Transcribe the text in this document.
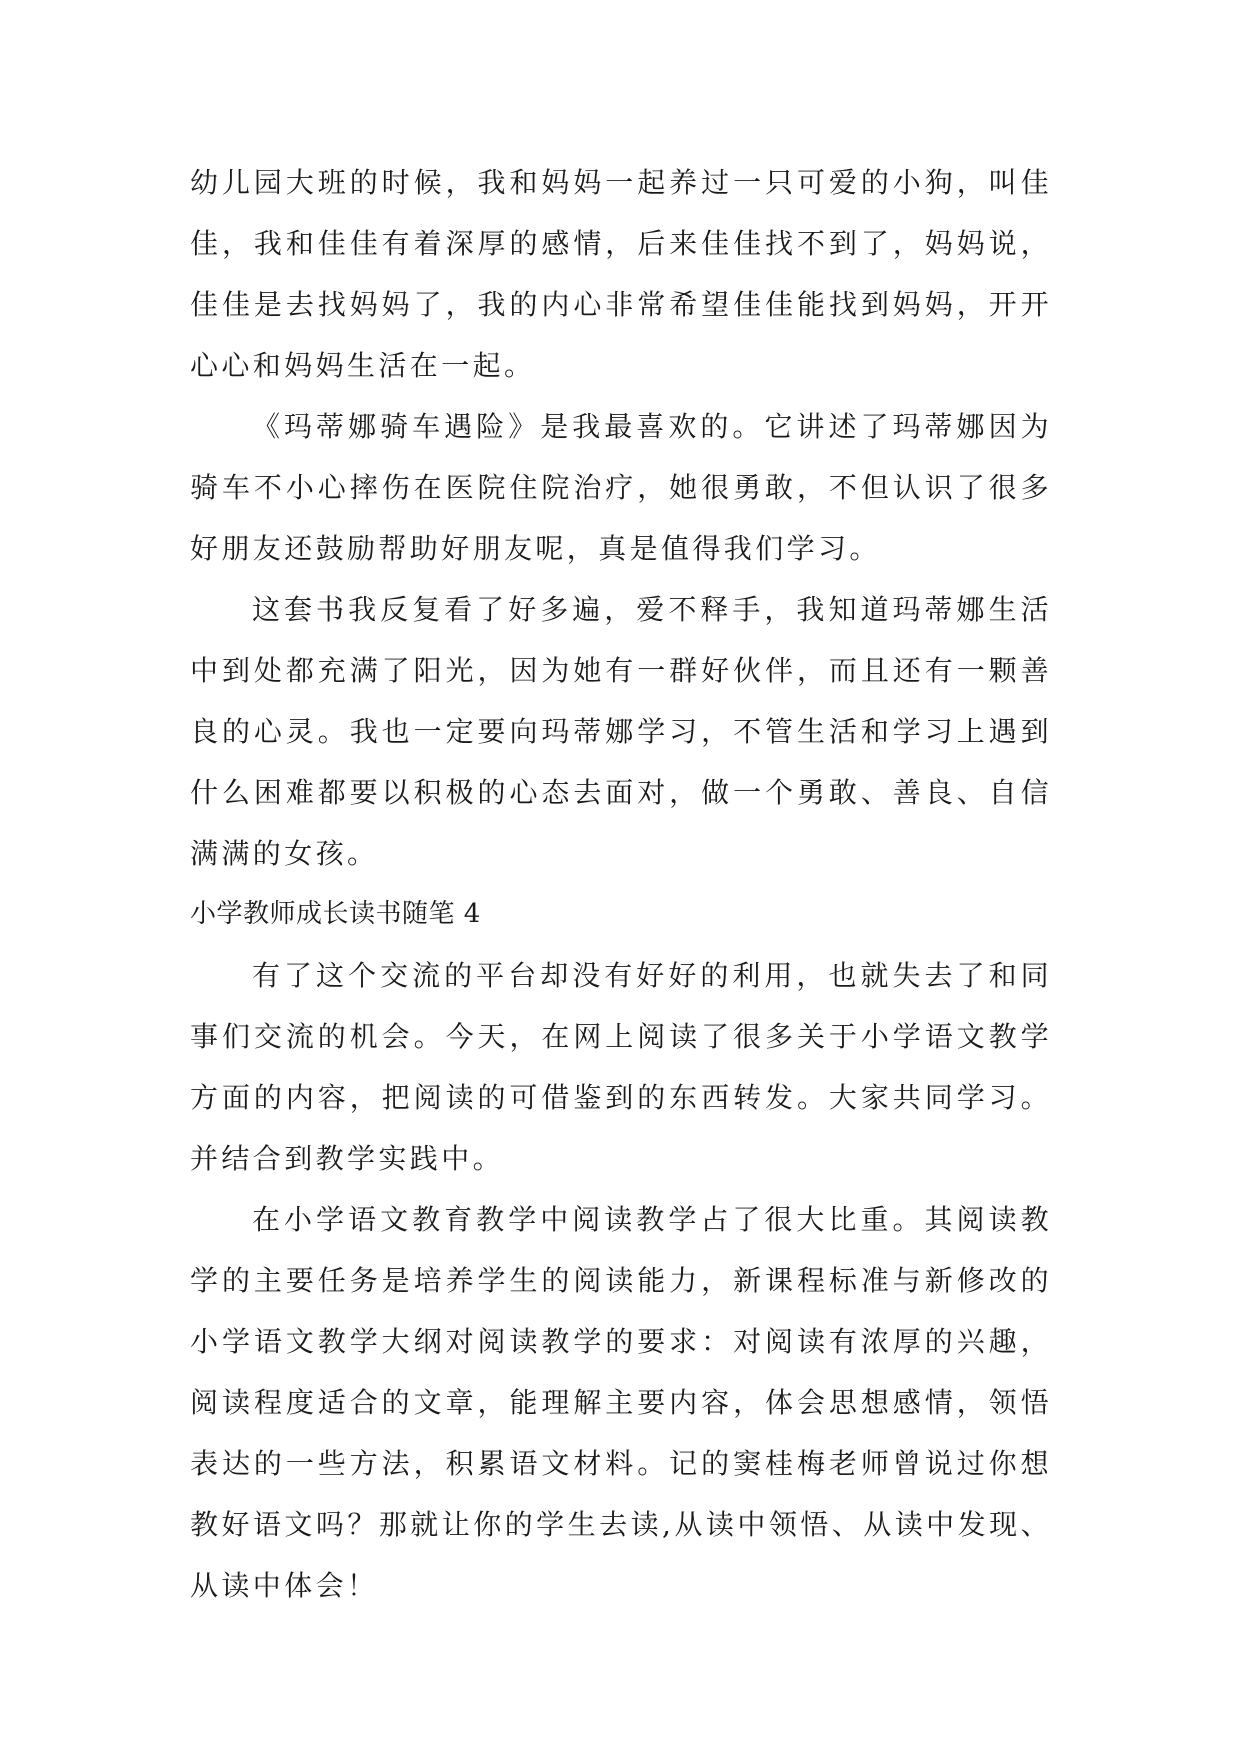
幼儿园大班的时候，我和妈妈一起养过一只可爱的小狗，叫佳佳，我和佳佳有着深厚的感情，后来佳佳找不到了，妈妈说，佳佳是去找妈妈了，我的内心非常希望佳佳能找到妈妈，开开心心和妈妈生活在一起。

《玛蒂娜骑车遇险》是我最喜欢的。它讲述了玛蒂娜因为骑车不小心摔伤在医院住院治疗，她很勇敢，不但认识了很多好朋友还鼓励帮助好朋友呢，真是值得我们学习。

这套书我反复看了好多遍，爱不释手，我知道玛蒂娜生活中到处都充满了阳光，因为她有一群好伙伴，而且还有一颗善良的心灵。我也一定要向玛蒂娜学习，不管生活和学习上遇到什么困难都要以积极的心态去面对，做一个勇敢、善良、自信满满的女孩。

小学教师成长读书随笔 4

有了这个交流的平台却没有好好的利用，也就失去了和同事们交流的机会。今天，在网上阅读了很多关于小学语文教学方面的内容，把阅读的可借鉴到的东西转发。大家共同学习。并结合到教学实践中。

在小学语文教育教学中阅读教学占了很大比重。其阅读教学的主要任务是培养学生的阅读能力，新课程标准与新修改的小学语文教学大纲对阅读教学的要求：对阅读有浓厚的兴趣，阅读程度适合的文章，能理解主要内容，体会思想感情，领悟表达的一些方法，积累语文材料。记的窦桂梅老师曾说过你想教好语文吗？那就让你的学生去读,从读中领悟、从读中发现、从读中体会！
